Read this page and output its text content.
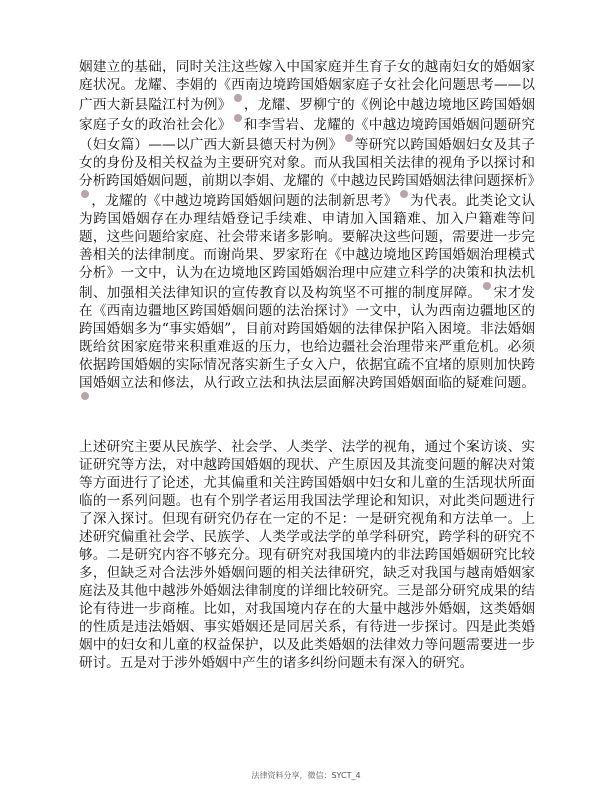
姻建立的基础，同时关注这些嫁入中国家庭并生育子女的越南妇女的婚姻家庭状况。龙耀、李娟的《西南边境跨国婚姻家庭子女社会化问题思考——以广西大新县隘江村为例》 ，龙耀、罗柳宁的《例论中越边境地区跨国婚姻家庭子女的政治社会化》 和李雪岩、龙耀的《中越边境跨国婚姻问题研究（妇女篇）——以广西大新县德天村为例》 等研究以跨国婚姻妇女及其子女的身份及相关权益为主要研究对象。而从我国相关法律的视角予以探讨和分析跨国婚姻问题，前期以李娟、龙耀的《中越边民跨国婚姻法律问题探析》，龙耀的《中越边境跨国婚姻问题的法制新思考》 为代表。此类论文认为跨国婚姻存在办理结婚登记手续难、申请加入国籍难、加入户籍难等问题，这些问题给家庭、社会带来诸多影响。要解决这些问题，需要进一步完善相关的法律制度。而谢尚果、罗家珩在《中越边境地区跨国婚姻治理模式分析》一文中，认为在边境地区跨国婚姻治理中应建立科学的决策和执法机制、加强相关法律知识的宣传教育以及构筑坚不可摧的制度屏障。 宋才发在《西南边疆地区跨国婚姻问题的法治探讨》一文中，认为西南边疆地区的跨国婚姻多为“事实婚姻”，目前对跨国婚姻的法律保护陷入困境。非法婚姻既给贫困家庭带来积重难返的压力，也给边疆社会治理带来严重危机。必须依据跨国婚姻的实际情况落实新生子女入户，依据宜疏不宜堵的原则加快跨国婚姻立法和修法，从行政立法和执法层面解决跨国婚姻面临的疑难问题。

上述研究主要从民族学、社会学、人类学、法学的视角，通过个案访谈、实证研究等方法，对中越跨国婚姻的现状、产生原因及其流变问题的解决对策等方面进行了论述，尤其偏重和关注跨国婚姻中妇女和儿童的生活现状所面临的一系列问题。也有个别学者运用我国法学理论和知识，对此类问题进行了深入探讨。但现有研究仍存在一定的不足：一是研究视角和方法单一。上述研究偏重社会学、民族学、人类学或法学的单学科研究，跨学科的研究不够。二是研究内容不够充分。现有研究对我国境内的非法跨国婚姻研究比较多，但缺乏对合法涉外婚姻问题的相关法律研究，缺乏对我国与越南婚姻家庭法及其他中越涉外婚姻法律制度的详细比较研究。三是部分研究成果的结论有待进一步商榷。比如，对我国境内存在的大量中越涉外婚姻，这类婚姻的性质是违法婚姻、事实婚姻还是同居关系，有待进一步探讨。四是此类婚姻中的妇女和儿童的权益保护，以及此类婚姻的法律效力等问题需要进一步研讨。五是对于涉外婚姻中产生的诸多纠纷问题未有深入的研究。

法律资料分享，微信：SYCT_4
